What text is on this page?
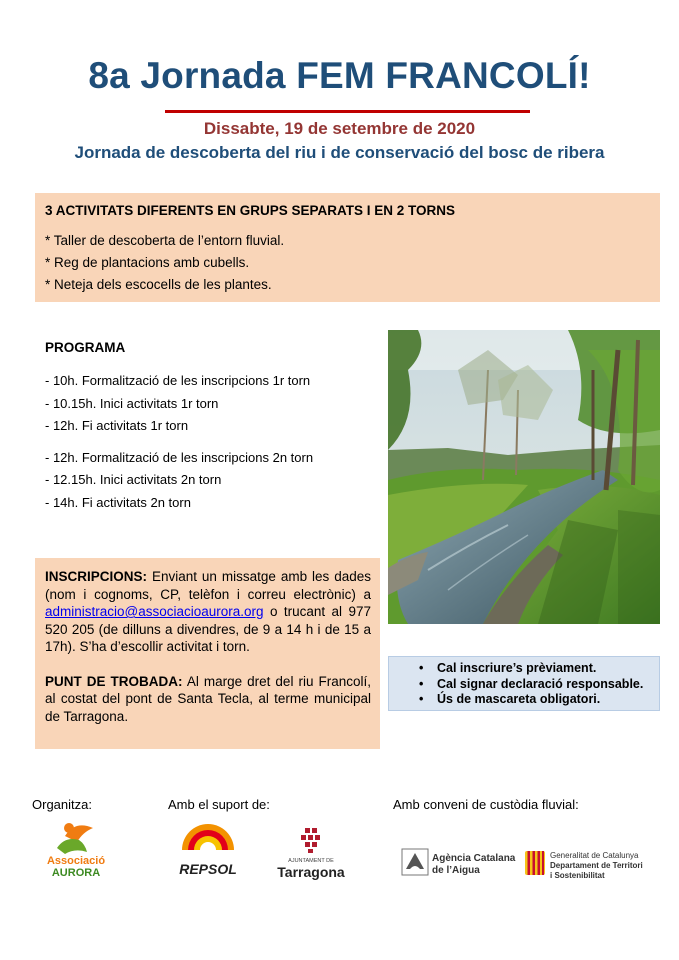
8a Jornada FEM FRANCOLÍ!
Dissabte, 19 de setembre de 2020
Jornada de descoberta del riu i de conservació del bosc de ribera
3 ACTIVITATS DIFERENTS EN GRUPS SEPARATS I EN 2 TORNS
* Taller de descoberta de l’entorn fluvial.
* Reg de plantacions amb cubells.
* Neteja dels escocells de les plantes.
PROGRAMA
- 10h. Formalització de les inscripcions 1r torn
- 10.15h. Inici activitats 1r torn
- 12h. Fi activitats 1r torn
- 12h. Formalització de les inscripcions 2n torn
- 12.15h. Inici activitats 2n torn
- 14h. Fi activitats 2n torn

INSCRIPCIONS: Enviant un missatge amb les dades (nom i cognoms, CP, telèfon i correu electrònic) a administracio@associacioaurora.org o trucant al 977 520 205 (de dilluns a divendres, de 9 a 14 h i de 15 a 17h). S’ha d’escollir activitat i torn.

PUNT DE TROBADA: Al marge dret del riu Francolí, al costat del pont de Santa Tecla, al terme municipal de Tarragona.

• Cal inscriure’s prèviament.
• Cal signar declaració responsable.
• Ús de mascareta obligatori.
Organitza:	Amb el suport de:	Amb conveni de custòdia fluvial:
Associació
AURORA	REPSOL	AJUNTAMENT DE
Tarragona
Agència Catalana
de l’Aigua
Generalitat de Catalunya
Departament de Territori
i Sostenibilitat
